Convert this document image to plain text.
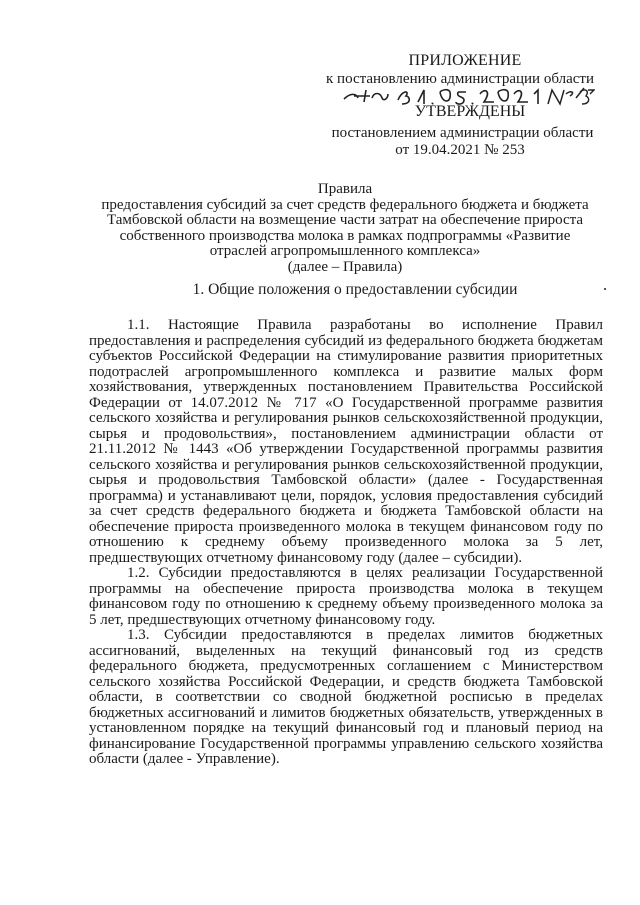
ПРИЛОЖЕНИЕ
к постановлению администрации области
УТВЕРЖДЕНЫ
постановлением администрации области
от 19.04.2021 № 253
Правила
предоставления субсидий за счет средств федерального бюджета и бюджета
Тамбовской области на возмещение части затрат на обеспечение прироста
собственного производства молока в рамках подпрограммы «Развитие
отраслей агропромышленного комплекса»
(далее – Правила)
1. Общие положения о предоставлении субсидии

1.1. Настоящие Правила разработаны во исполнение Правил предоставления и распределения субсидий из федерального бюджета бюджетам субъектов Российской Федерации на стимулирование развития приоритетных подотраслей агропромышленного комплекса и развитие малых форм хозяйствования, утвержденных постановлением Правительства Российской Федерации от 14.07.2012 № 717 «О Государственной программе развития сельского хозяйства и регулирования рынков сельскохозяйственной продукции, сырья и продовольствия», постановлением администрации области от 21.11.2012 № 1443 «Об утверждении Государственной программы развития сельского хозяйства и регулирования рынков сельскохозяйственной продукции, сырья и продовольствия Тамбовской области» (далее - Государственная программа) и устанавливают цели, порядок, условия предоставления субсидий за счет средств федерального бюджета и бюджета Тамбовской области на обеспечение прироста произведенного молока в текущем финансовом году по отношению к среднему объему произведенного молока за 5 лет, предшествующих отчетному финансовому году (далее – субсидии).

1.2. Субсидии предоставляются в целях реализации Государственной программы на обеспечение прироста производства молока в текущем финансовом году по отношению к среднему объему произведенного молока за 5 лет, предшествующих отчетному финансовому году.

1.3. Субсидии предоставляются в пределах лимитов бюджетных ассигнований, выделенных на текущий финансовый год из средств федерального бюджета, предусмотренных соглашением с Министерством сельского хозяйства Российской Федерации, и средств бюджета Тамбовской области, в соответствии со сводной бюджетной росписью в пределах бюджетных ассигнований и лимитов бюджетных обязательств, утвержденных в установленном порядке на текущий финансовый год и плановый период на финансирование Государственной программы управлению сельского хозяйства области (далее - Управление).
